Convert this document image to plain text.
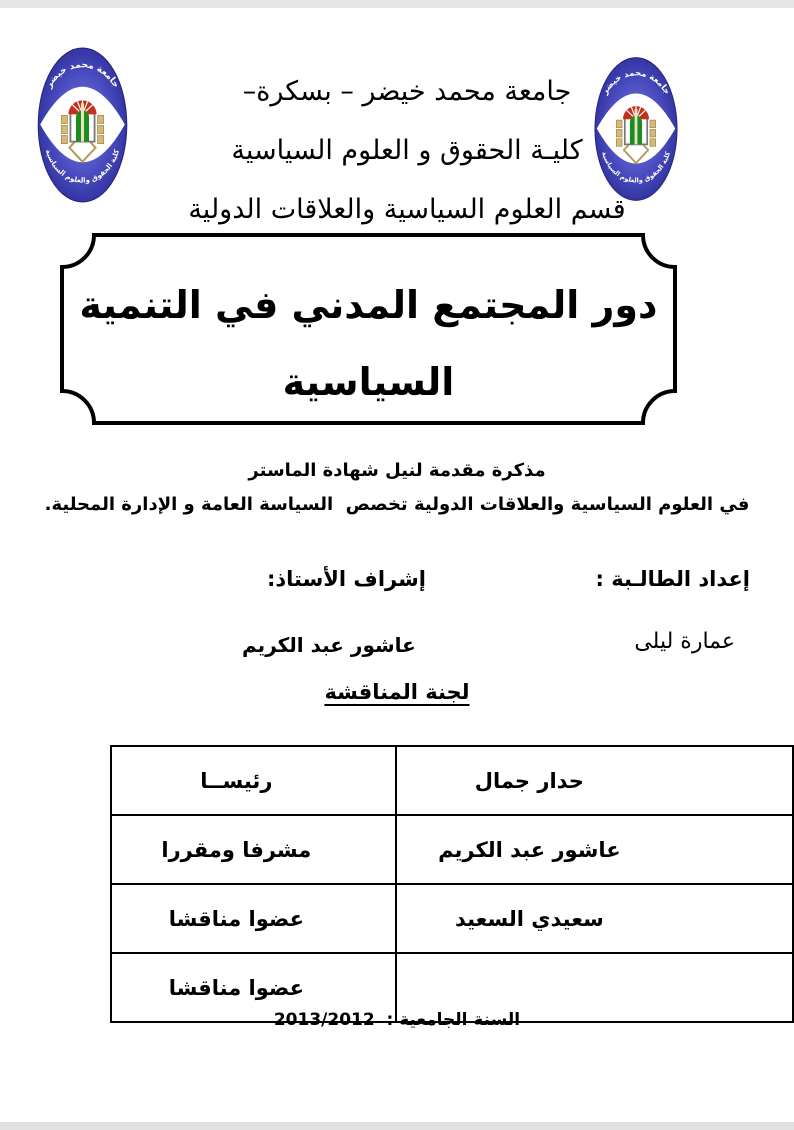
جامعة محمد خيضر – بسكرة–
كليـة الحقوق و العلوم السياسية
قسم العلوم السياسية والعلاقات الدولية
دور المجتمع المدني في التنمية
السياسية
مذكرة مقدمة لنيل شهادة الماستر
في العلوم السياسية والعلاقات الدولية تخصص  السياسة العامة و الإدارة المحلية.
إعداد الطالـبة :
إشراف الأستاذ:
عمارة ليلى
عاشور عبد الكريم
لجنة المناقشة
حدار جمال	رئيســا
عاشور عبد الكريم	مشرفا ومقررا
سعيدي السعيد	عضوا مناقشا
	عضوا مناقشا
السنة الجامعية :  2013/2012
